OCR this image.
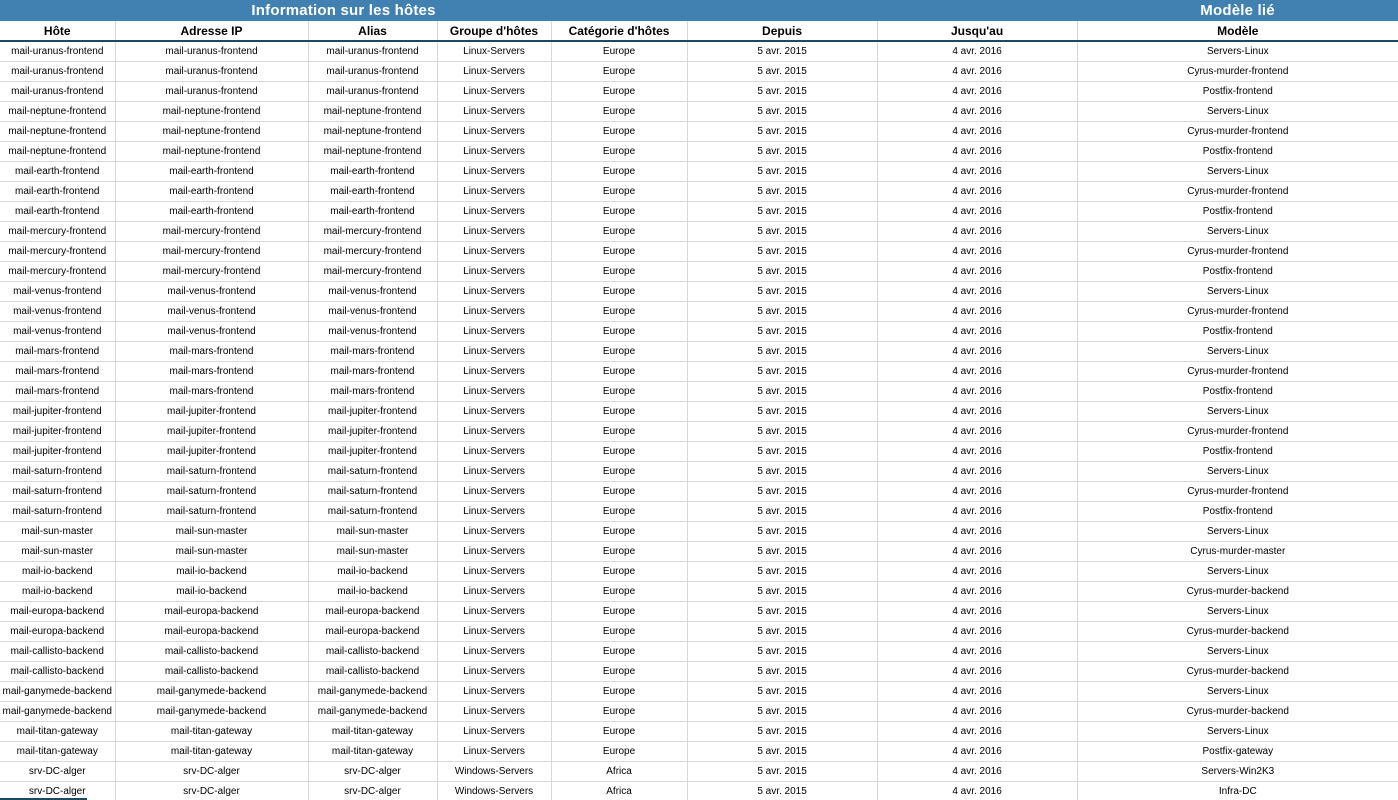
Information sur les hôtes							Modèle lié
Hôte	Adresse IP	Alias	Groupe d'hôtes	Catégorie d'hôtes	Depuis	Jusqu'au	Modèle
mail-uranus-frontend	mail-uranus-frontend	mail-uranus-frontend	Linux-Servers	Europe	5 avr. 2015	4 avr. 2016	Servers-Linux
mail-uranus-frontend	mail-uranus-frontend	mail-uranus-frontend	Linux-Servers	Europe	5 avr. 2015	4 avr. 2016	Cyrus-murder-frontend
mail-uranus-frontend	mail-uranus-frontend	mail-uranus-frontend	Linux-Servers	Europe	5 avr. 2015	4 avr. 2016	Postfix-frontend
mail-neptune-frontend	mail-neptune-frontend	mail-neptune-frontend	Linux-Servers	Europe	5 avr. 2015	4 avr. 2016	Servers-Linux
mail-neptune-frontend	mail-neptune-frontend	mail-neptune-frontend	Linux-Servers	Europe	5 avr. 2015	4 avr. 2016	Cyrus-murder-frontend
mail-neptune-frontend	mail-neptune-frontend	mail-neptune-frontend	Linux-Servers	Europe	5 avr. 2015	4 avr. 2016	Postfix-frontend
mail-earth-frontend	mail-earth-frontend	mail-earth-frontend	Linux-Servers	Europe	5 avr. 2015	4 avr. 2016	Servers-Linux
mail-earth-frontend	mail-earth-frontend	mail-earth-frontend	Linux-Servers	Europe	5 avr. 2015	4 avr. 2016	Cyrus-murder-frontend
mail-earth-frontend	mail-earth-frontend	mail-earth-frontend	Linux-Servers	Europe	5 avr. 2015	4 avr. 2016	Postfix-frontend
mail-mercury-frontend	mail-mercury-frontend	mail-mercury-frontend	Linux-Servers	Europe	5 avr. 2015	4 avr. 2016	Servers-Linux
mail-mercury-frontend	mail-mercury-frontend	mail-mercury-frontend	Linux-Servers	Europe	5 avr. 2015	4 avr. 2016	Cyrus-murder-frontend
mail-mercury-frontend	mail-mercury-frontend	mail-mercury-frontend	Linux-Servers	Europe	5 avr. 2015	4 avr. 2016	Postfix-frontend
mail-venus-frontend	mail-venus-frontend	mail-venus-frontend	Linux-Servers	Europe	5 avr. 2015	4 avr. 2016	Servers-Linux
mail-venus-frontend	mail-venus-frontend	mail-venus-frontend	Linux-Servers	Europe	5 avr. 2015	4 avr. 2016	Cyrus-murder-frontend
mail-venus-frontend	mail-venus-frontend	mail-venus-frontend	Linux-Servers	Europe	5 avr. 2015	4 avr. 2016	Postfix-frontend
mail-mars-frontend	mail-mars-frontend	mail-mars-frontend	Linux-Servers	Europe	5 avr. 2015	4 avr. 2016	Servers-Linux
mail-mars-frontend	mail-mars-frontend	mail-mars-frontend	Linux-Servers	Europe	5 avr. 2015	4 avr. 2016	Cyrus-murder-frontend
mail-mars-frontend	mail-mars-frontend	mail-mars-frontend	Linux-Servers	Europe	5 avr. 2015	4 avr. 2016	Postfix-frontend
mail-jupiter-frontend	mail-jupiter-frontend	mail-jupiter-frontend	Linux-Servers	Europe	5 avr. 2015	4 avr. 2016	Servers-Linux
mail-jupiter-frontend	mail-jupiter-frontend	mail-jupiter-frontend	Linux-Servers	Europe	5 avr. 2015	4 avr. 2016	Cyrus-murder-frontend
mail-jupiter-frontend	mail-jupiter-frontend	mail-jupiter-frontend	Linux-Servers	Europe	5 avr. 2015	4 avr. 2016	Postfix-frontend
mail-saturn-frontend	mail-saturn-frontend	mail-saturn-frontend	Linux-Servers	Europe	5 avr. 2015	4 avr. 2016	Servers-Linux
mail-saturn-frontend	mail-saturn-frontend	mail-saturn-frontend	Linux-Servers	Europe	5 avr. 2015	4 avr. 2016	Cyrus-murder-frontend
mail-saturn-frontend	mail-saturn-frontend	mail-saturn-frontend	Linux-Servers	Europe	5 avr. 2015	4 avr. 2016	Postfix-frontend
mail-sun-master	mail-sun-master	mail-sun-master	Linux-Servers	Europe	5 avr. 2015	4 avr. 2016	Servers-Linux
mail-sun-master	mail-sun-master	mail-sun-master	Linux-Servers	Europe	5 avr. 2015	4 avr. 2016	Cyrus-murder-master
mail-io-backend	mail-io-backend	mail-io-backend	Linux-Servers	Europe	5 avr. 2015	4 avr. 2016	Servers-Linux
mail-io-backend	mail-io-backend	mail-io-backend	Linux-Servers	Europe	5 avr. 2015	4 avr. 2016	Cyrus-murder-backend
mail-europa-backend	mail-europa-backend	mail-europa-backend	Linux-Servers	Europe	5 avr. 2015	4 avr. 2016	Servers-Linux
mail-europa-backend	mail-europa-backend	mail-europa-backend	Linux-Servers	Europe	5 avr. 2015	4 avr. 2016	Cyrus-murder-backend
mail-callisto-backend	mail-callisto-backend	mail-callisto-backend	Linux-Servers	Europe	5 avr. 2015	4 avr. 2016	Servers-Linux
mail-callisto-backend	mail-callisto-backend	mail-callisto-backend	Linux-Servers	Europe	5 avr. 2015	4 avr. 2016	Cyrus-murder-backend
mail-ganymede-backend	mail-ganymede-backend	mail-ganymede-backend	Linux-Servers	Europe	5 avr. 2015	4 avr. 2016	Servers-Linux
mail-ganymede-backend	mail-ganymede-backend	mail-ganymede-backend	Linux-Servers	Europe	5 avr. 2015	4 avr. 2016	Cyrus-murder-backend
mail-titan-gateway	mail-titan-gateway	mail-titan-gateway	Linux-Servers	Europe	5 avr. 2015	4 avr. 2016	Servers-Linux
mail-titan-gateway	mail-titan-gateway	mail-titan-gateway	Linux-Servers	Europe	5 avr. 2015	4 avr. 2016	Postfix-gateway
srv-DC-alger	srv-DC-alger	srv-DC-alger	Windows-Servers	Africa	5 avr. 2015	4 avr. 2016	Servers-Win2K3
srv-DC-alger	srv-DC-alger	srv-DC-alger	Windows-Servers	Africa	5 avr. 2015	4 avr. 2016	Infra-DC
